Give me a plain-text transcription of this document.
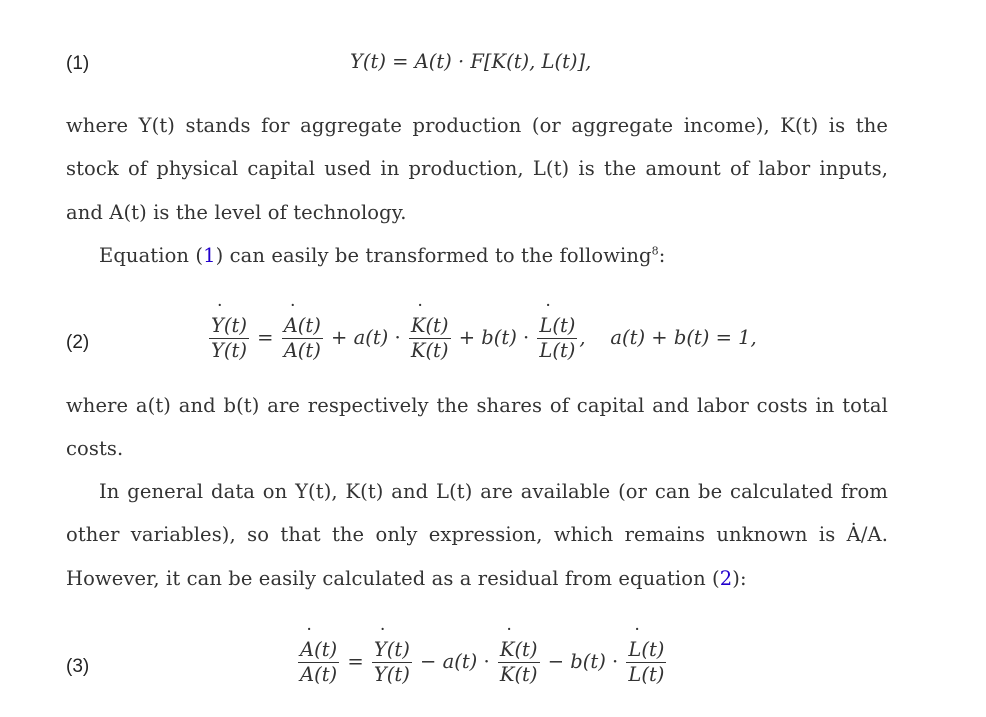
(1)	Y(t) = A(t) · F[K(t), L(t)],
where Y(t) stands for aggregate production (or aggregate income), K(t) is the
stock of physical capital used in production, L(t) is the amount of labor inputs,
and A(t) is the level of technology.
Equation (1) can easily be transformed to the following$^8$:
(2)	˙ $\frac{Y(t)}{Y(t)}$ = ˙ $\frac{A(t)}{A(t)} + a(t)$ · ˙ $\frac{K(t)}{K(t)} + b(t)$ · ˙ $\frac{L(t)}{L(t)}$ ,    a(t) + b(t) = 1,
where a(t) and b(t) are respectively the shares of capital and labor costs in total
costs.
In general data on Y(t), K(t) and L(t) are available (or can be calculated from
other variables), so that the only expression, which remains unknown is Ȧ/A.
However, it can be easily calculated as a residual from equation (2):
(3)	˙ $\frac{A(t)}{A(t)}$ = ˙ $\frac{Y(t)}{Y(t)} - a(t)$ · ˙ $\frac{K(t)}{K(t)} - b(t)$ · ˙ $\frac{L(t)}{L(t)}$
